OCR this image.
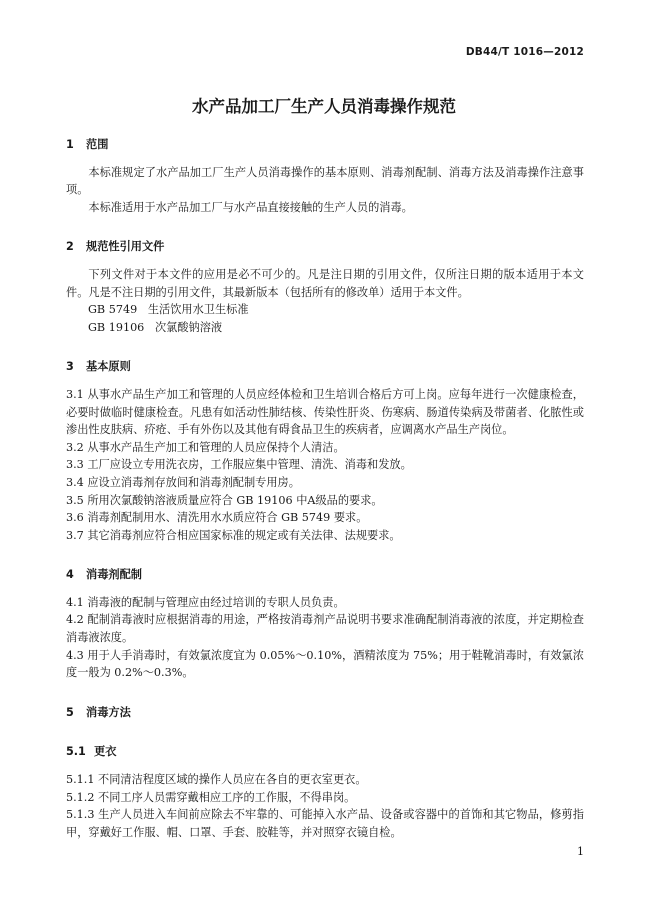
DB44/T 1016—2012
水产品加工厂生产人员消毒操作规范
1 范围
本标准规定了水产品加工厂生产人员消毒操作的基本原则、消毒剂配制、消毒方法及消毒操作注意事项。
本标准适用于水产品加工厂与水产品直接接触的生产人员的消毒。
2 规范性引用文件
下列文件对于本文件的应用是必不可少的。凡是注日期的引用文件，仅所注日期的版本适用于本文件。凡是不注日期的引用文件，其最新版本（包括所有的修改单）适用于本文件。
GB 5749   生活饮用水卫生标准
GB 19106   次氯酸钠溶液
3 基本原则
3.1 从事水产品生产加工和管理的人员应经体检和卫生培训合格后方可上岗。应每年进行一次健康检查，必要时做临时健康检查。凡患有如活动性肺结核、传染性肝炎、伤寒病、肠道传染病及带菌者、化脓性或渗出性皮肤病、疥疮、手有外伤以及其他有碍食品卫生的疾病者，应调离水产品生产岗位。
3.2 从事水产品生产加工和管理的人员应保持个人清洁。
3.3 工厂应设立专用洗衣房，工作服应集中管理、清洗、消毒和发放。
3.4 应设立消毒剂存放间和消毒剂配制专用房。
3.5 所用次氯酸钠溶液质量应符合 GB 19106 中A级品的要求。
3.6 消毒剂配制用水、清洗用水水质应符合 GB 5749 要求。
3.7 其它消毒剂应符合相应国家标准的规定或有关法律、法规要求。
4 消毒剂配制
4.1 消毒液的配制与管理应由经过培训的专职人员负责。
4.2 配制消毒液时应根据消毒的用途，严格按消毒剂产品说明书要求准确配制消毒液的浓度，并定期检查消毒液浓度。
4.3 用于人手消毒时，有效氯浓度宜为 0.05%～0.10%，酒精浓度为 75%；用于鞋靴消毒时，有效氯浓度一般为 0.2%～0.3%。
5 消毒方法
5.1 更衣
5.1.1 不同清洁程度区域的操作人员应在各自的更衣室更衣。
5.1.2 不同工序人员需穿戴相应工序的工作服，不得串岗。
5.1.3 生产人员进入车间前应除去不牢靠的、可能掉入水产品、设备或容器中的首饰和其它物品，修剪指甲，穿戴好工作服、帽、口罩、手套、胶鞋等，并对照穿衣镜自检。
1
